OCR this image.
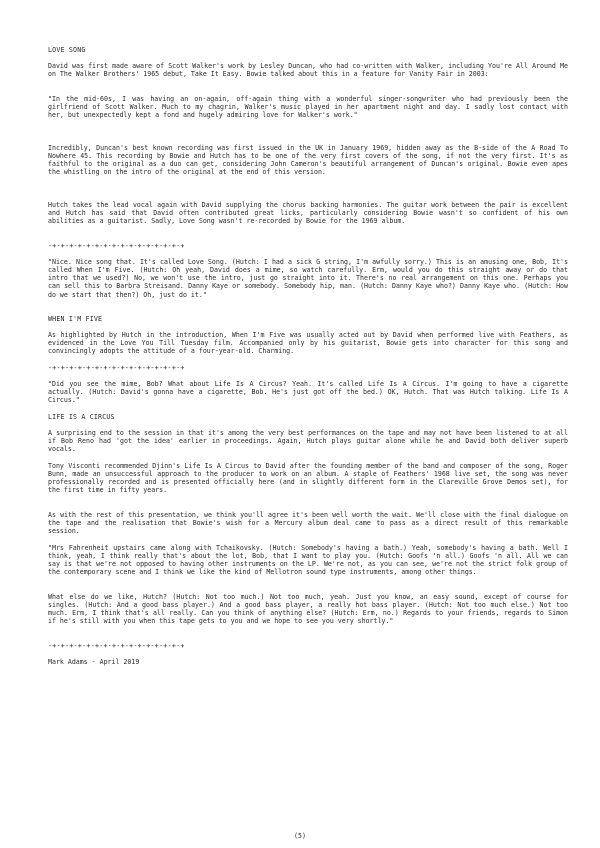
LOVE SONG

David was first made aware of Scott Walker's work by Lesley Duncan, who had co-written with Walker, including You're All Around Me on The Walker Brothers' 1965 debut, Take It Easy. Bowie talked about this in a feature for Vanity Fair in 2003:

"In the mid-60s, I was having an on-again, off-again thing with a wonderful singer-songwriter who had previously been the girlfriend of Scott Walker. Much to my chagrin, Walker's music played in her apartment night and day. I sadly lost contact with her, but unexpectedly kept a fond and hugely admiring love for Walker's work."

Incredibly, Duncan's best known recording was first issued in the UK in January 1969, hidden away as the B-side of the A Road To Nowhere 45. This recording by Bowie and Hutch has to be one of the very first covers of the song, if not the very first. It's as faithful to the original as a duo can get, considering John Cameron's beautiful arrangement of Duncan's original. Bowie even apes the whistling on the intro of the original at the end of this version.

Hutch takes the lead vocal again with David supplying the chorus backing harmonies. The guitar work between the pair is excellent and Hutch has said that David often contributed great licks, particularly considering Bowie wasn't so confident of his own abilities as a guitarist. Sadly, Love Song wasn't re-recorded by Bowie for the 1969 album.

-+-+-+-+-+-+-+-+-+-+-+-+-+-+-+-+

"Nice. Nice song that. It's called Love Song. (Hutch: I had a sick G string, I'm awfully sorry.) This is an amusing one, Bob, It's called When I'm Five. (Hutch: Oh yeah, David does a mime, so watch carefully. Erm, would you do this straight away or do that intro that we used?) No, we won't use the intro, just go straight into it. There's no real arrangement on this one. Perhaps you can sell this to Barbra Streisand. Danny Kaye or somebody. Somebody hip, man. (Hutch: Danny Kaye who?) Danny Kaye who. (Hutch: How do we start that then?) Oh, just do it."

WHEN I'M FIVE

As highlighted by Hutch in the introduction, When I'm Five was usually acted out by David when performed live with Feathers, as evidenced in the Love You Till Tuesday film. Accompanied only by his guitarist, Bowie gets into character for this song and convincingly adopts the attitude of a four-year-old. Charming.

-+-+-+-+-+-+-+-+-+-+-+-+-+-+-+-+

"Did you see the mime, Bob? What about Life Is A Circus? Yeah. It's called Life Is A Circus. I'm going to have a cigarette actually. (Hutch: David's gonna have a cigarette, Bob. He's just got off the bed.) OK, Hutch. That was Hutch talking. Life Is A Circus."

LIFE IS A CIRCUS

A surprising end to the session in that it's among the very best performances on the tape and may not have been listened to at all if Bob Reno had 'got the idea' earlier in proceedings. Again, Hutch plays guitar alone while he and David both deliver superb vocals.

Tony Visconti recommended Djinn's Life Is A Circus to David after the founding member of the band and composer of the song, Roger Bunn, made an unsuccessful approach to the producer to work on an album. A staple of Feathers' 1968 live set, the song was never professionally recorded and is presented officially here (and in slightly different form in the Clareville Grove Demos set), for the first time in fifty years.

As with the rest of this presentation, we think you'll agree it's been well worth the wait. We'll close with the final dialogue on the tape and the realisation that Bowie's wish for a Mercury album deal came to pass as a direct result of this remarkable session.

"Mrs Fahrenheit upstairs came along with Tchaikovsky. (Hutch: Somebody's having a bath.) Yeah, somebody's having a bath. Well I think, yeah, I think really that's about the lot, Bob, that I want to play you. (Hutch: Goofs 'n all.) Goofs 'n all. All we can say is that we're not opposed to having other instruments on the LP. We're not, as you can see, we're not the strict folk group of the contemporary scene and I think we like the kind of Mellotron sound type instruments, among other things.

What else do we like, Hutch? (Hutch: Not too much.) Not too much, yeah. Just you know, an easy sound, except of course for singles. (Hutch: And a good bass player.) And a good bass player, a really hot bass player. (Hutch: Not too much else.) Not too much. Erm, I think that's all really. Can you think of anything else? (Hutch: Erm, no.) Regards to your friends, regards to Simon if he's still with you when this tape gets to you and we hope to see you very shortly."

-+-+-+-+-+-+-+-+-+-+-+-+-+-+-+-+
Mark Adams - April 2019
(5)
